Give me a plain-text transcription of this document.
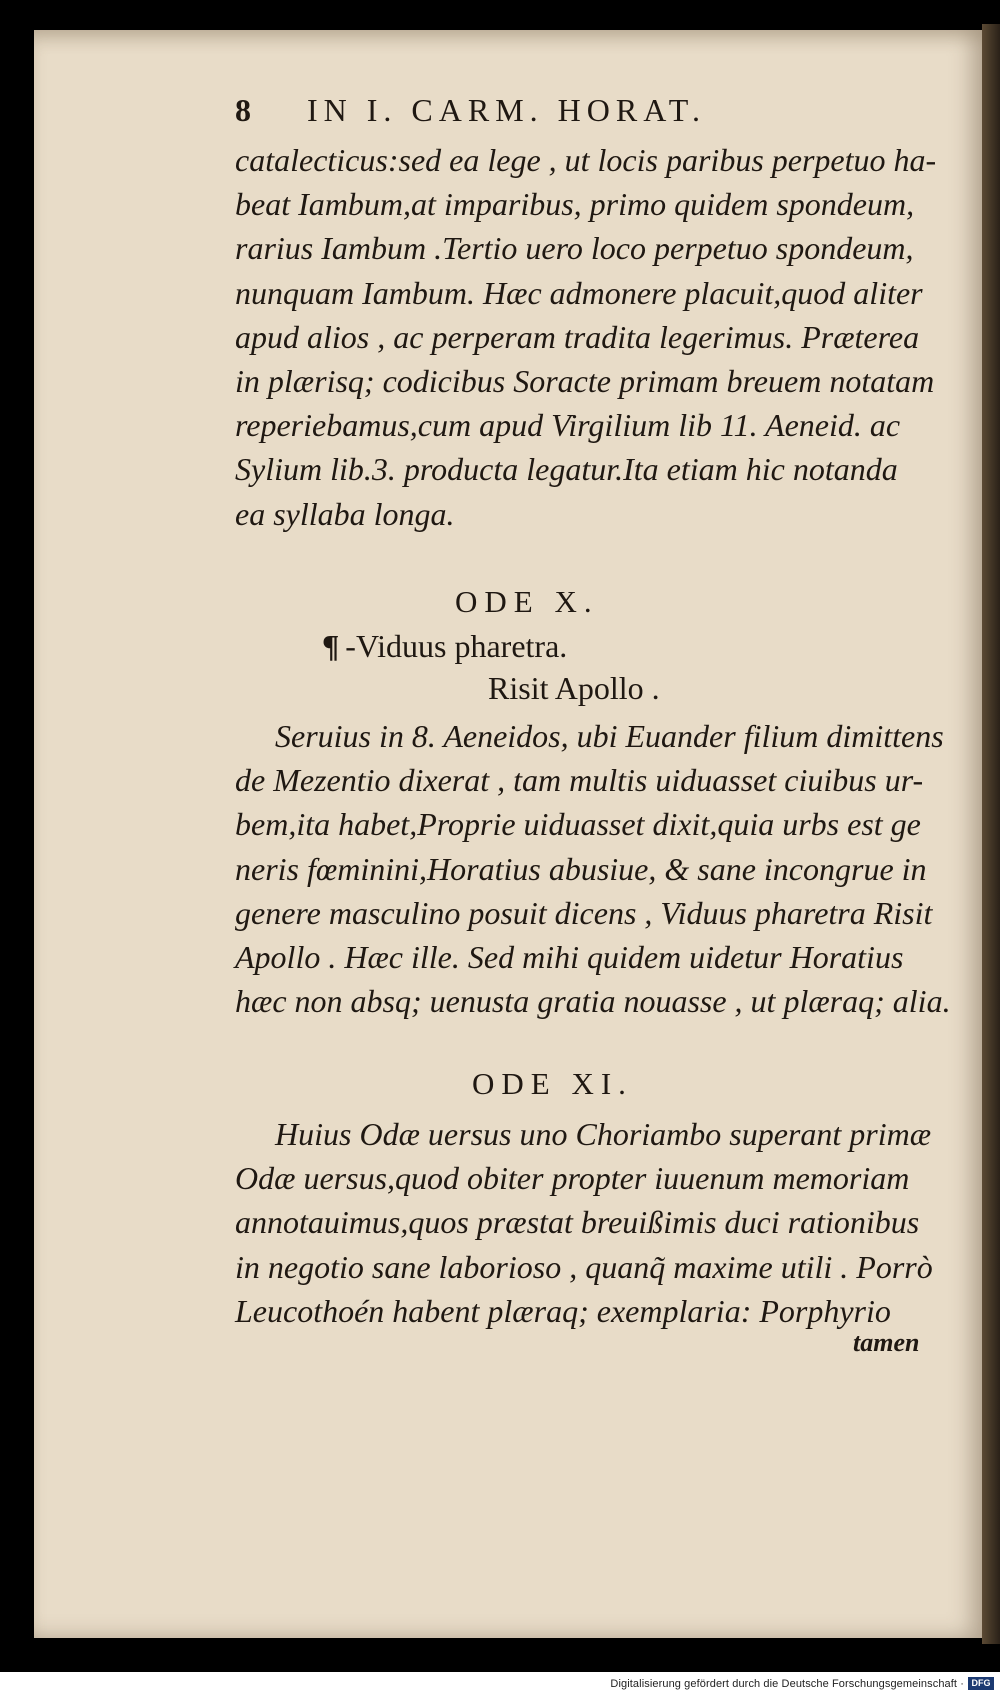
8 IN I. CARM. HORAT.
catalecticus:sed ea lege , ut locis paribus perpetuo ha-
beat Iambum,at imparibus, primo quidem spondeum,
rarius Iambum .Tertio uero loco perpetuo spondeum,
nunquam Iambum. Hæc admonere placuit,quod aliter
apud alios , ac perperam tradita legerimus. Præterea
in plærisq; codicibus Soracte primam breuem notatam
reperiebamus,cum apud Virgilium lib 11. Aeneid. ac
Sylium lib.3. producta legatur.Ita etiam hic notanda
ea syllaba longa.
ODE X.
¶ -Viduus pharetra.
Risit Apollo .
Seruius in 8. Aeneidos, ubi Euander filium dimittens
de Mezentio dixerat , tam multis uiduasset ciuibus ur-
bem,ita habet,Proprie uiduasset dixit,quia urbs est ge
neris fœminini,Horatius abusiue, & sane incongrue in
genere masculino posuit dicens , Viduus pharetra Risit
Apollo . Hæc ille. Sed mihi quidem uidetur Horatius
hæc non absq; uenusta gratia nouasse , ut plæraq; alia.
ODE XI.
Huius Odæ uersus uno Choriambo superant primæ
Odæ uersus,quod obiter propter iuuenum memoriam
annotauimus,quos præstat breuißimis duci rationibus
in negotio sane laborioso , quanq̃ maxime utili . Porrò
Leucothoén habent plæraq; exemplaria: Porphyrio
tamen
Digitalisierung gefördert durch die Deutsche Forschungsgemeinschaft · DFG
